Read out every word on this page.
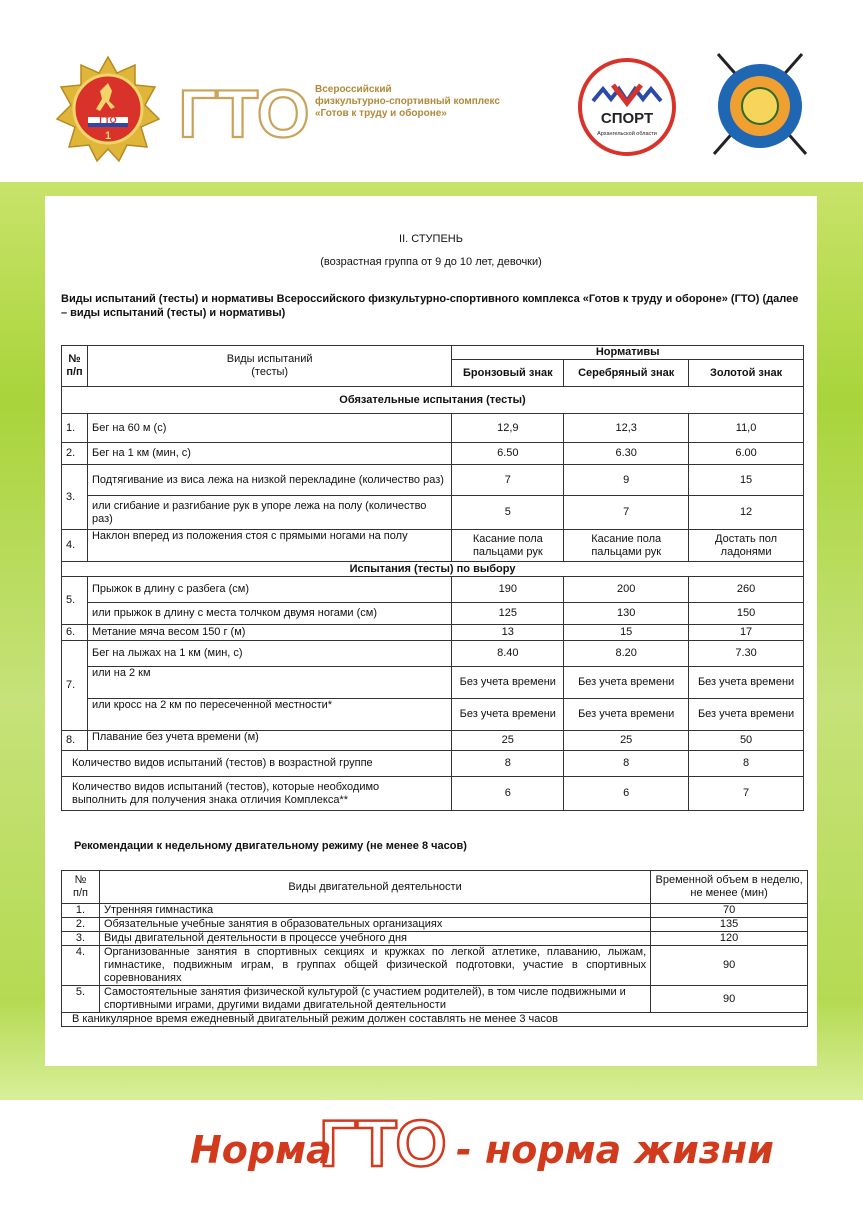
ГТО
1 ГТО Всероссийский
физкультурно-спортивный комплекс
«Готов к труду и обороне»	СПОРТ
Архангельской области
II. СТУПЕНЬ
(возрастная группа от 9 до 10 лет, девочки)
Виды испытаний (тесты) и нормативы Всероссийского физкультурно-спортивного комплекса «Готов к труду и обороне» (ГТО) (далее – виды испытаний (тесты) и нормативы)
№
п/п	Виды испытаний
(тесты)	Нормативы		
		Бронзовый знак	Серебряный знак	Золотой знак
Обязательные испытания (тесты)				
1.	Бег на 60 м (с)	12,9	12,3	11,0
2.	Бег на 1 км (мин, с)	6.50	6.30	6.00
3.	Подтягивание из виса лежа на низкой перекладине (количество раз)	7	9	15
	или сгибание и разгибание рук в упоре лежа на полу (количество раз)	5	7	12
4.	Наклон вперед из положения стоя с прямыми ногами на полу	Касание пола пальцами рук	Касание пола пальцами рук	Достать пол ладонями
Испытания (тесты) по выбору				
5.	Прыжок в длину с разбега (см)	190	200	260
	или прыжок в длину с места толчком двумя ногами (см)	125	130	150
6.	Метание мяча весом 150 г (м)	13	15	17
7.	Бег на лыжах на 1 км (мин, с)	8.40	8.20	7.30
	или на 2 км	Без учета времени	Без учета времени	Без учета времени
	или кросс на 2 км по пересеченной местности*	Без учета времени	Без учета времени	Без учета времени
8.	Плавание без учета времени (м)	25	25	50
Количество видов испытаний (тестов) в возрастной группе		8	8	8
Количество видов испытаний (тестов), которые необходимо выполнить для получения знака отличия Комплекса**		6	6	7
Рекомендации к недельному двигательному режиму (не менее 8 часов)
№
п/п	Виды двигательной деятельности	Временной объем в неделю, не менее (мин)
1.	Утренняя гимнастика	70
2.	Обязательные учебные занятия в образовательных организациях	135
3.	Виды двигательной деятельности в процессе учебного дня	120
4.	Организованные занятия в спортивных секциях и кружках по легкой атлетике, плаванию, лыжам, гимнастике, подвижным играм, в группах общей физической подготовки, участие в спортивных соревнованиях	90
5.	Самостоятельные занятия физической культурой (с участием родителей), в том числе подвижными и спортивными играми, другими видами двигательной деятельности	90
В каникулярное время ежедневный двигательный режим должен составлять не менее 3 часов		
Норма
ГТО - норма жизни
